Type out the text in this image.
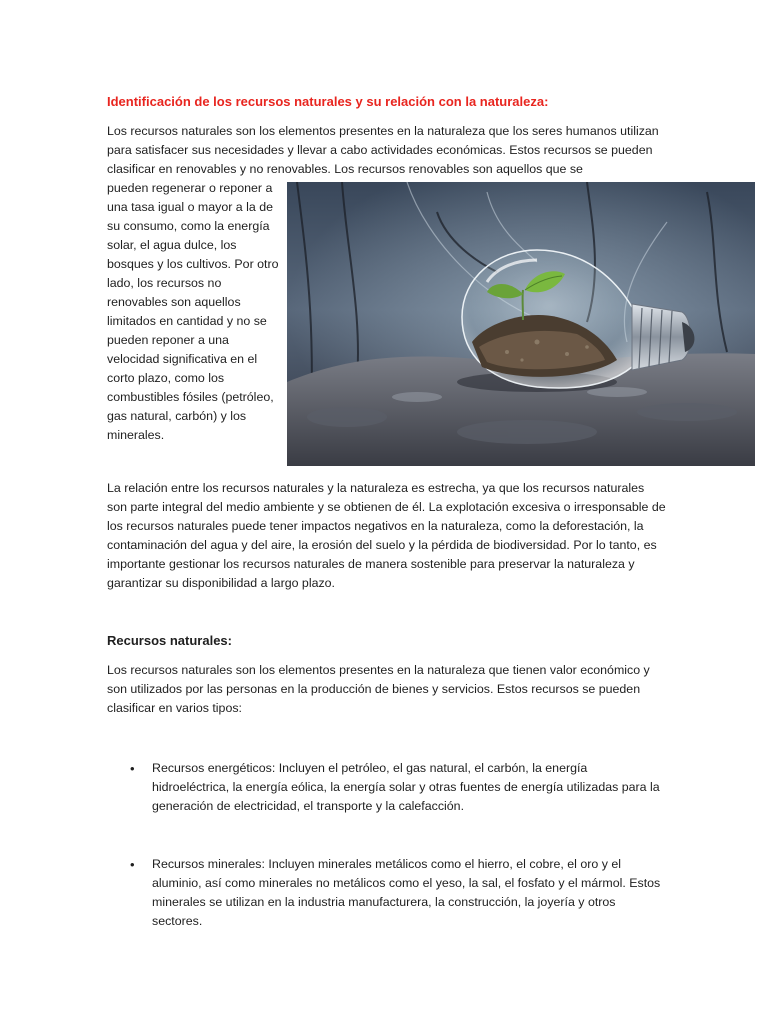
Identificación de los recursos naturales y su relación con la naturaleza:

Los recursos naturales son los elementos presentes en la naturaleza que los seres humanos utilizan para satisfacer sus necesidades y llevar a cabo actividades económicas. Estos recursos se pueden clasificar en renovables y no renovables. Los recursos renovables son aquellos que se

pueden regenerar o reponer a una tasa igual o mayor a la de su consumo, como la energía solar, el agua dulce, los bosques y los cultivos. Por otro lado, los recursos no renovables son aquellos limitados en cantidad y no se pueden reponer a una velocidad significativa en el corto plazo, como los combustibles fósiles (petróleo, gas natural, carbón) y los minerales.

La relación entre los recursos naturales y la naturaleza es estrecha, ya que los recursos naturales son parte integral del medio ambiente y se obtienen de él. La explotación excesiva o irresponsable de los recursos naturales puede tener impactos negativos en la naturaleza, como la deforestación, la contaminación del agua y del aire, la erosión del suelo y la pérdida de biodiversidad. Por lo tanto, es importante gestionar los recursos naturales de manera sostenible para preservar la naturaleza y garantizar su disponibilidad a largo plazo.

Recursos naturales:

Los recursos naturales son los elementos presentes en la naturaleza que tienen valor económico y son utilizados por las personas en la producción de bienes y servicios. Estos recursos se pueden clasificar en varios tipos:

• Recursos energéticos: Incluyen el petróleo, el gas natural, el carbón, la energía hidroeléctrica, la energía eólica, la energía solar y otras fuentes de energía utilizadas para la generación de electricidad, el transporte y la calefacción.
• Recursos minerales: Incluyen minerales metálicos como el hierro, el cobre, el oro y el aluminio, así como minerales no metálicos como el yeso, la sal, el fosfato y el mármol. Estos minerales se utilizan en la industria manufacturera, la construcción, la joyería y otros sectores.
